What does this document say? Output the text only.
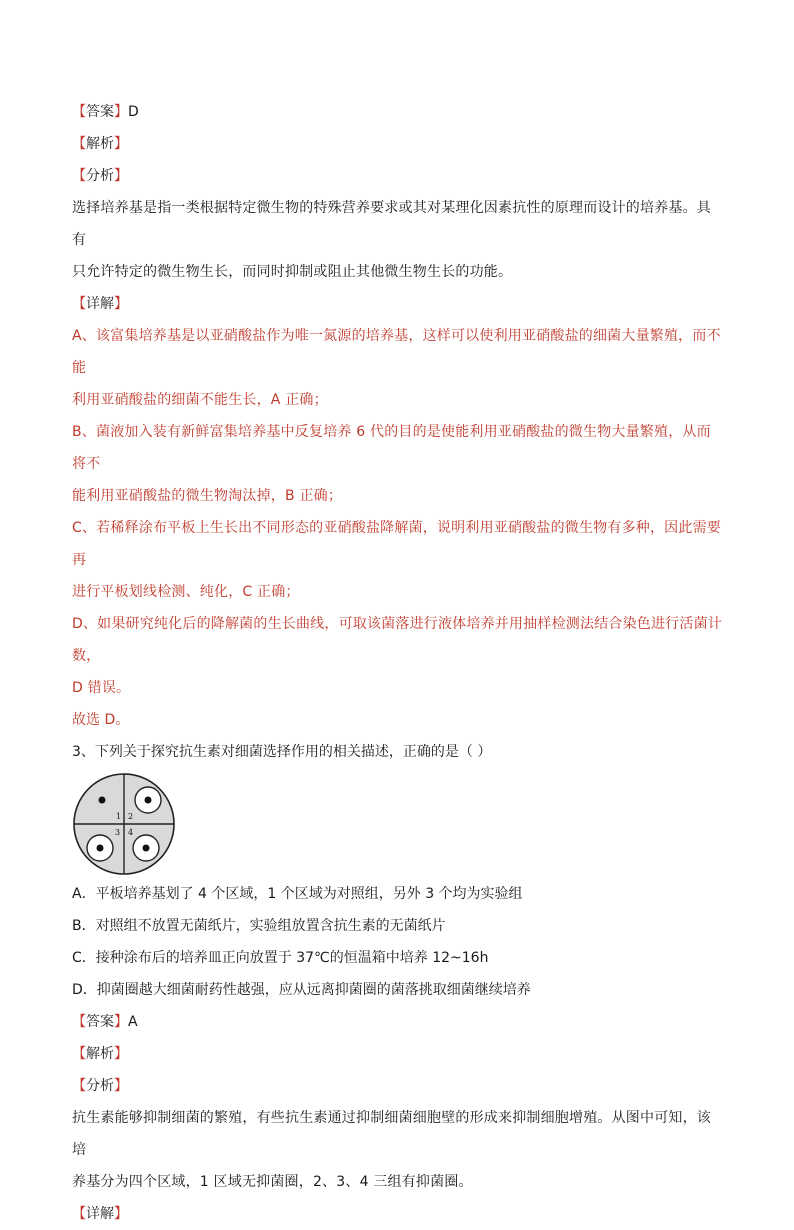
【答案】D
【解析】
【分析】
选择培养基是指一类根据特定微生物的特殊营养要求或其对某理化因素抗性的原理而设计的培养基。具有
只允许特定的微生物生长，而同时抑制或阻止其他微生物生长的功能。
【详解】
A、该富集培养基是以亚硝酸盐作为唯一氮源的培养基，这样可以使利用亚硝酸盐的细菌大量繁殖，而不能
利用亚硝酸盐的细菌不能生长，A 正确；
B、菌液加入装有新鲜富集培养基中反复培养 6 代的目的是使能利用亚硝酸盐的微生物大量繁殖，从而将不
能利用亚硝酸盐的微生物淘汰掉，B 正确；
C、若稀释涂布平板上生长出不同形态的亚硝酸盐降解菌，说明利用亚硝酸盐的微生物有多种，因此需要再
进行平板划线检测、纯化，C 正确；
D、如果研究纯化后的降解菌的生长曲线，可取该菌落进行液体培养并用抽样检测法结合染色进行活菌计数，
D 错误。
故选 D。
3、下列关于探究抗生素对细菌选择作用的相关描述，正确的是（ ）
1 2
3 4
A．平板培养基划了 4 个区域，1 个区域为对照组，另外 3 个均为实验组
B．对照组不放置无菌纸片，实验组放置含抗生素的无菌纸片
C．接种涂布后的培养皿正向放置于 37℃的恒温箱中培养 12~16h
D．抑菌圈越大细菌耐药性越强，应从远离抑菌圈的菌落挑取细菌继续培养
【答案】A
【解析】
【分析】
抗生素能够抑制细菌的繁殖，有些抗生素通过抑制细菌细胞壁的形成来抑制细胞增殖。从图中可知，该培
养基分为四个区域，1 区域无抑菌圈，2、3、4 三组有抑菌圈。
【详解】
